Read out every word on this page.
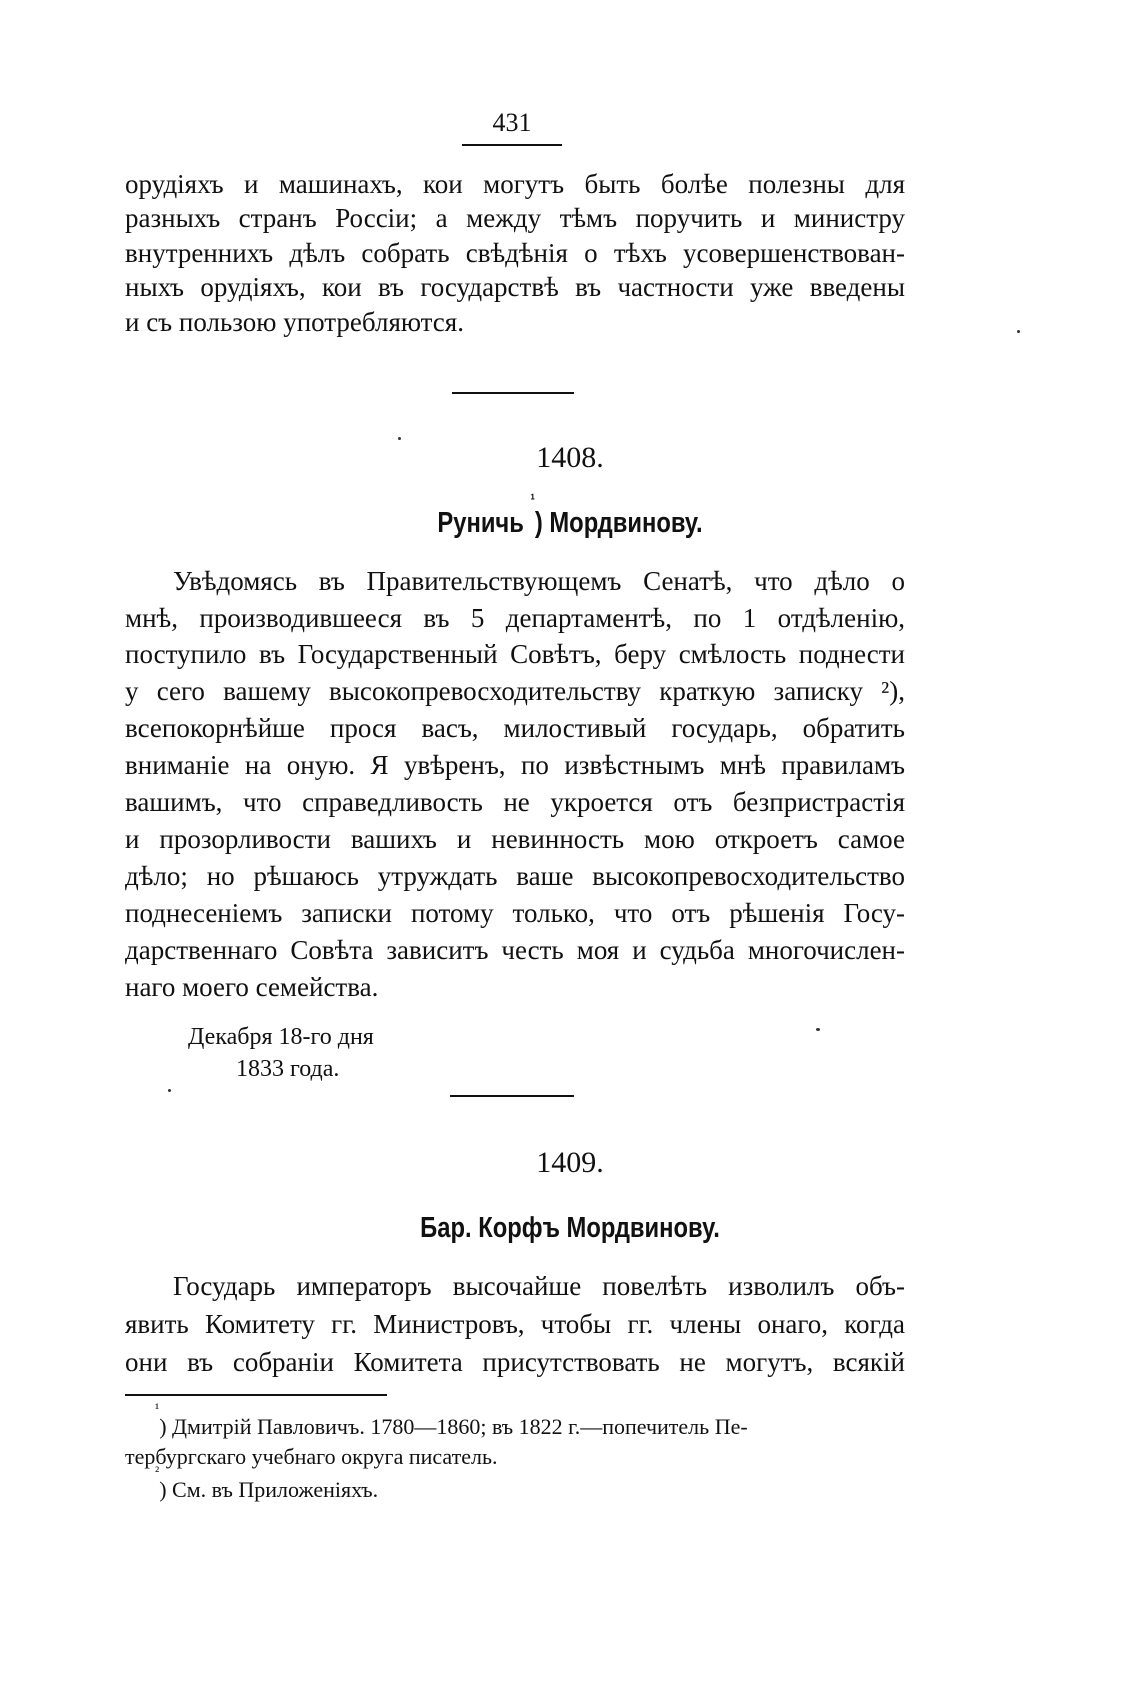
431
орудіяхъ и машинахъ, кои могутъ быть болѣе полезны для
разныхъ странъ Россіи; а между тѣмъ поручить и министру
внутреннихъ дѣлъ собрать свѣдѣнія о тѣхъ усовершенствован-
ныхъ орудіяхъ, кои въ государствѣ въ частности уже введены
и съ пользою употребляются.
1408.
Руничь $^{^1}$) Мордвинову.
Увѣдомясь въ Правительствующемъ Сенатѣ, что дѣло о
мнѣ, производившееся въ 5 департаментѣ, по 1 отдѣленію,
поступило въ Государственный Совѣтъ, беру смѣлость поднести
у сего вашему высокопревосходительству краткую записку ²),
всепокорнѣйше прося васъ, милостивый государь, обратить
вниманіе на оную. Я увѣренъ, по извѣстнымъ мнѣ правиламъ
вашимъ, что справедливость не укроется отъ безпристрастія
и прозорливости вашихъ и невинность мою откроетъ самое
дѣло; но рѣшаюсь утруждать ваше высокопревосходительство
поднесеніемъ записки потому только, что отъ рѣшенія Госу-
дарственнаго Совѣта зависитъ честь моя и судьба многочислен-
наго моего семейства.
Декабря 18-го дня
1833 года.
1409.
Бар. Корфъ Мордвинову.
Государь императоръ высочайше повелѣть изволилъ объ-
явить Комитету гг. Министровъ, чтобы гг. члены онаго, когда
они въ собраніи Комитета присутствовать не могутъ, всякій
$^{^1}$) Дмитрій Павловичъ. 1780—1860; въ 1822 г.—попечитель Пе-
тербургскаго учебнаго округа писатель.
$^{^2}$) См. въ Приложеніяхъ.
